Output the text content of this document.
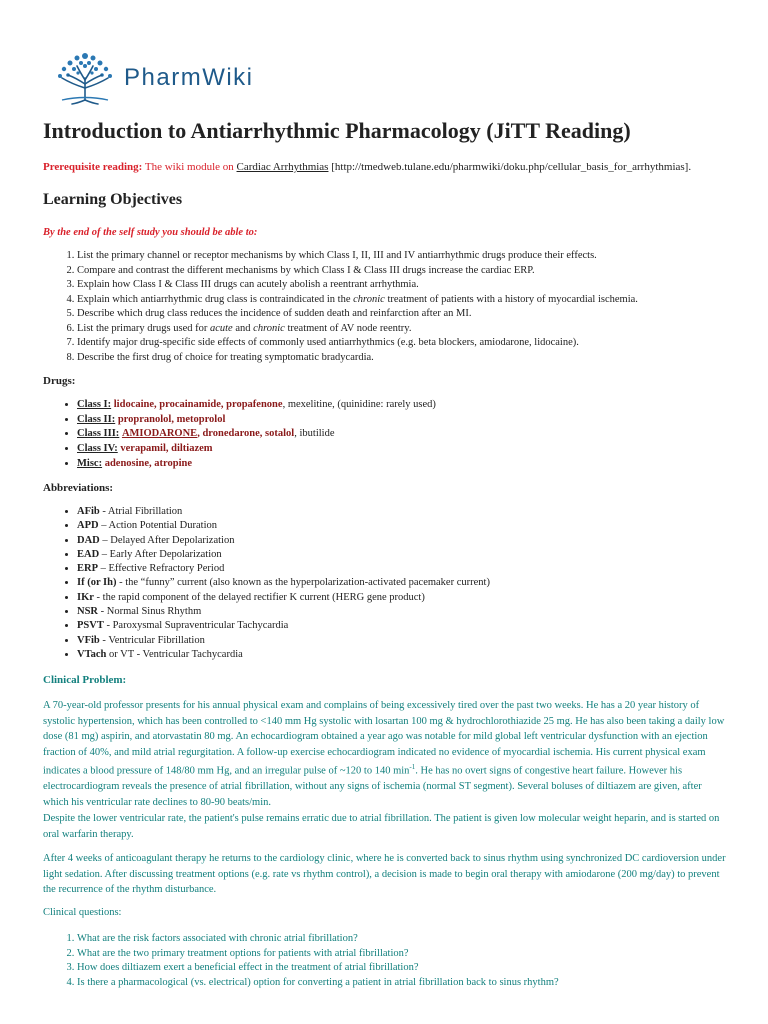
PharmWiki
Introduction to Antiarrhythmic Pharmacology (JiTT Reading)
Prerequisite reading: The wiki module on Cardiac Arrhythmias [http://tmedweb.tulane.edu/pharmwiki/doku.php/cellular_basis_for_arrhythmias].
Learning Objectives
By the end of the self study you should be able to:
1. List the primary channel or receptor mechanisms by which Class I, II, III and IV antiarrhythmic drugs produce their effects.
2. Compare and contrast the different mechanisms by which Class I & Class III drugs increase the cardiac ERP.
3. Explain how Class I & Class III drugs can acutely abolish a reentrant arrhythmia.
4. Explain which antiarrhythmic drug class is contraindicated in the chronic treatment of patients with a history of myocardial ischemia.
5. Describe which drug class reduces the incidence of sudden death and reinfarction after an MI.
6. List the primary drugs used for acute and chronic treatment of AV node reentry.
7. Identify major drug-specific side effects of commonly used antiarrhythmics (e.g. beta blockers, amiodarone, lidocaine).
8. Describe the first drug of choice for treating symptomatic bradycardia.
Drugs:
• Class I: lidocaine, procainamide, propafenone, mexelitine, (quinidine: rarely used)
• Class II: propranolol, metoprolol
• Class III: AMIODARONE, dronedarone, sotalol, ibutilide
• Class IV: verapamil, diltiazem
• Misc: adenosine, atropine
Abbreviations:
• AFib - Atrial Fibrillation
• APD – Action Potential Duration
• DAD – Delayed After Depolarization
• EAD – Early After Depolarization
• ERP – Effective Refractory Period
• If (or Ih) - the “funny” current (also known as the hyperpolarization-activated pacemaker current)
• IKr - the rapid component of the delayed rectifier K current (HERG gene product)
• NSR - Normal Sinus Rhythm
• PSVT - Paroxysmal Supraventricular Tachycardia
• VFib - Ventricular Fibrillation
• VTach or VT - Ventricular Tachycardia
Clinical Problem:
A 70-year-old professor presents for his annual physical exam and complains of being excessively tired over the past two weeks. He has a 20 year history of systolic hypertension, which has been controlled to <140 mm Hg systolic with losartan 100 mg & hydrochlorothiazide 25 mg. He has also been taking a daily low dose (81 mg) aspirin, and atorvastatin 80 mg. An echocardiogram obtained a year ago was notable for mild global left ventricular dysfunction with an ejection fraction of 40%, and mild atrial regurgitation. A follow-up exercise echocardiogram indicated no evidence of myocardial ischemia. His current physical exam indicates a blood pressure of 148/80 mm Hg, and an irregular pulse of ~120 to 140 $\min^{-1}$. He has no overt signs of congestive heart failure. However his electrocardiogram reveals the presence of atrial fibrillation, without any signs of ischemia (normal ST segment). Several boluses of diltiazem are given, after which his ventricular rate declines to 80-90 beats/min.
Despite the lower ventricular rate, the patient's pulse remains erratic due to atrial fibrillation. The patient is given low molecular weight heparin, and is started on oral warfarin therapy.
After 4 weeks of anticoagulant therapy he returns to the cardiology clinic, where he is converted back to sinus rhythm using synchronized DC cardioversion under light sedation. After discussing treatment options (e.g. rate vs rhythm control), a decision is made to begin oral therapy with amiodarone (200 mg/day) to prevent the recurrence of the rhythm disturbance.
Clinical questions:
1. What are the risk factors associated with chronic atrial fibrillation?
2. What are the two primary treatment options for patients with atrial fibrillation?
3. How does diltiazem exert a beneficial effect in the treatment of atrial fibrillation?
4. Is there a pharmacological (vs. electrical) option for converting a patient in atrial fibrillation back to sinus rhythm?
